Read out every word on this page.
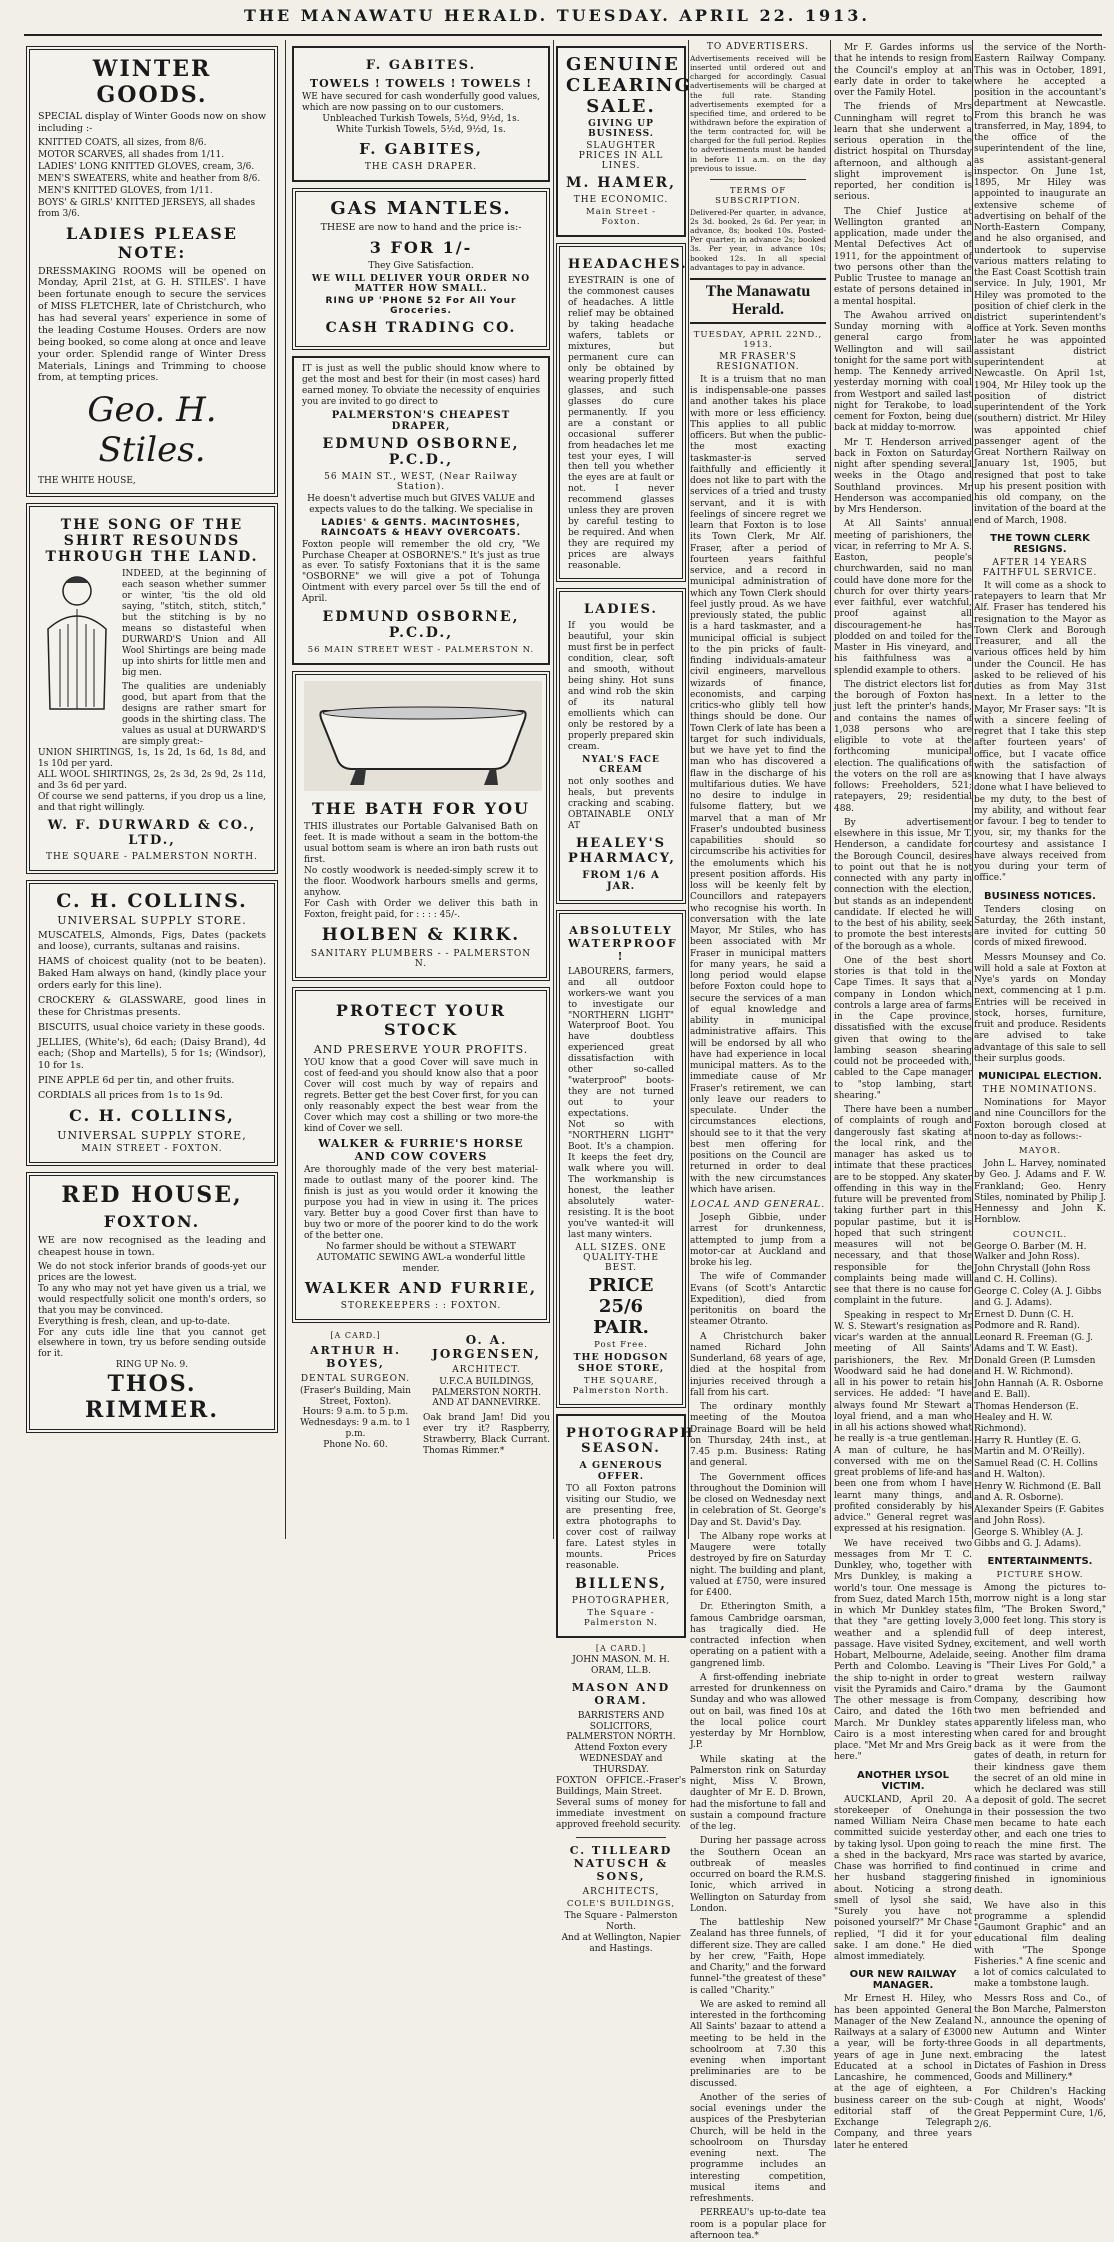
THE MANAWATU HERALD. TUESDAY. APRIL 22. 1913.
WINTER GOODS.
SPECIAL display of Winter Goods now on show including :-
KNITTED COATS, all sizes, from 8/6.
MOTOR SCARVES, all shades from 1/11.
LADIES' LONG KNITTED GLOVES, cream, 3/6.
MEN'S SWEATERS, white and heather from 8/6.
MEN'S KNITTED GLOVES, from 1/11.
BOYS' & GIRLS' KNITTED JERSEYS, all shades from 3/6.
LADIES PLEASE NOTE:
DRESSMAKING ROOMS will be opened on Monday, April 21st, at G. H. STILES'. I have been fortunate enough to secure the services of MISS FLETCHER, late of Christchurch, who has had several years' experience in some of the leading Costume Houses. Orders are now being booked, so come along at once and leave your order. Splendid range of Winter Dress Materials, Linings and Trimming to choose from, at tempting prices.
Geo. H. Stiles.
THE WHITE HOUSE,
THE SONG OF THE SHIRT RESOUNDS THROUGH THE LAND.
INDEED, at the beginning of each season whether summer or winter, 'tis the old old saying, "stitch, stitch, stitch," but the stitching is by no means so distasteful when DURWARD'S Union and All Wool Shirtings are being made up into shirts for little men and big men.
The qualities are undeniably good, but apart from that the designs are rather smart for goods in the shirting class. The values as usual at DURWARD'S are simply great:-
UNION SHIRTINGS, 1s, 1s 2d, 1s 6d, 1s 8d, and 1s 10d per yard.
ALL WOOL SHIRTINGS, 2s, 2s 3d, 2s 9d, 2s 11d, and 3s 6d per yard.
Of course we send patterns, if you drop us a line, and that right willingly.
W. F. DURWARD & CO., LTD.,
THE SQUARE - PALMERSTON NORTH.
C. H. COLLINS.
UNIVERSAL SUPPLY STORE.
MUSCATELS, Almonds, Figs, Dates (packets and loose), currants, sultanas and raisins.
HAMS of choicest quality (not to be beaten). Baked Ham always on hand, (kindly place your orders early for this line).
CROCKERY & GLASSWARE, good lines in these for Christmas presents.
BISCUITS, usual choice variety in these goods.
JELLIES, (White's), 6d each; (Daisy Brand), 4d each; (Shop and Martells), 5 for 1s; (Windsor), 10 for 1s.
PINE APPLE 6d per tin, and other fruits.
CORDIALS all prices from 1s to 1s 9d.
C. H. COLLINS,
UNIVERSAL SUPPLY STORE,
MAIN STREET - FOXTON.
RED HOUSE,
FOXTON.
WE are now recognised as the leading and cheapest house in town.
We do not stock inferior brands of goods-yet our prices are the lowest.
To any who may not yet have given us a trial, we would respectfully solicit one month's orders, so that you may be convinced.
Everything is fresh, clean, and up-to-date.
For any cuts idle line that you cannot get elsewhere in town, try us before sending outside for it.
RING UP No. 9.
THOS. RIMMER.
F. GABITES.
TOWELS ! TOWELS ! TOWELS !
WE have secured for cash wonderfully good values, which are now passing on to our customers.
Unbleached Turkish Towels, 5½d, 9½d, 1s.
White Turkish Towels, 5½d, 9½d, 1s.
F. GABITES,
THE CASH DRAPER.
GAS MANTLES.
THESE are now to hand and the price is:-
3 FOR 1/-
They Give Satisfaction.
WE WILL DELIVER YOUR ORDER NO MATTER HOW SMALL.
RING UP 'PHONE 52 For All Your Groceries.
CASH TRADING CO.
IT is just as well the public should know where to get the most and best for their (in most cases) hard earned money. To obviate the necessity of enquiries you are invited to go direct to
PALMERSTON'S CHEAPEST DRAPER,
EDMUND OSBORNE, P.C.D.,
56 MAIN ST., WEST, (Near Railway Station).
He doesn't advertise much but GIVES VALUE and expects values to do the talking. We specialise in
LADIES' & GENTS. MACINTOSHES, RAINCOATS & HEAVY OVERCOATS.
Foxton people will remember the old cry, "We Purchase Cheaper at OSBORNE'S." It's just as true as ever. To satisfy Foxtonians that it is the same "OSBORNE" we will give a pot of Tohunga Ointment with every parcel over 5s till the end of April.
EDMUND OSBORNE, P.C.D.,
56 MAIN STREET WEST - PALMERSTON N.
THE BATH FOR YOU
THIS illustrates our Portable Galvanised Bath on feet. It is made without a seam in the bottom-the usual bottom seam is where an iron bath rusts out first.
No costly woodwork is needed-simply screw it to the floor. Woodwork harbours smells and germs, anyhow.
For Cash with Order we deliver this bath in Foxton, freight paid, for : : : : 45/-.
HOLBEN & KIRK.
SANITARY PLUMBERS - - PALMERSTON N.
PROTECT YOUR STOCK
AND PRESERVE YOUR PROFITS.
YOU know that a good Cover will save much in cost of feed-and you should know also that a poor Cover will cost much by way of repairs and regrets. Better get the best Cover first, for you can only reasonably expect the best wear from the Cover which may cost a shilling or two more-the kind of Cover we sell.
WALKER & FURRIE'S HORSE AND COW COVERS
Are thoroughly made of the very best material-made to outlast many of the poorer kind. The finish is just as you would order it knowing the purpose you had in view in using it. The prices vary. Better buy a good Cover first than have to buy two or more of the poorer kind to do the work of the better one.
No farmer should be without a STEWART AUTOMATIC SEWING AWL-a wonderful little mender.
WALKER AND FURRIE,
STOREKEEPERS : : FOXTON.
[A CARD.]
ARTHUR H. BOYES,
DENTAL SURGEON.
(Fraser's Building, Main Street, Foxton).
Hours: 9 a.m. to 5 p.m. Wednesdays: 9 a.m. to 1 p.m.
Phone No. 60.
O. A. JORGENSEN,
ARCHITECT.
U.F.C.A BUILDINGS, PALMERSTON NORTH.
AND AT DANNEVIRKE.
Oak brand Jam! Did you ever try it? Raspberry, Strawberry, Black Currant. Thomas Rimmer.*
GENUINE CLEARING SALE.
GIVING UP BUSINESS.
SLAUGHTER PRICES IN ALL LINES.
M. HAMER,
THE ECONOMIC.
Main Street - Foxton.
HEADACHES.
EYESTRAIN is one of the commonest causes of headaches. A little relief may be obtained by taking headache wafers, tablets or mixtures, but permanent cure can only be obtained by wearing properly fitted glasses, and such glasses do cure permanently. If you are a constant or occasional sufferer from headaches let me test your eyes, I will then tell you whether the eyes are at fault or not. I never recommend glasses unless they are proven by careful testing to be required. And when they are required my prices are always reasonable.
LADIES.
If you would be beautiful, your skin must first be in perfect condition, clear, soft and smooth, without being shiny. Hot suns and wind rob the skin of its natural emollients which can only be restored by a properly prepared skin cream.
NYAL'S FACE CREAM
not only soothes and heals, but prevents cracking and scabing. OBTAINABLE ONLY AT
HEALEY'S PHARMACY,
FROM 1/6 A JAR.
ABSOLUTELY WATERPROOF !
LABOURERS, farmers, and all outdoor workers-we want you to investigate our "NORTHERN LIGHT" Waterproof Boot. You have doubtless experienced great dissatisfaction with other so-called "waterproof" boots-they are not turned out to your expectations.
Not so with "NORTHERN LIGHT" Boot. It's a champion. It keeps the feet dry, walk where you will. The workmanship is honest, the leather absolutely water-resisting. It is the boot you've wanted-it will last many winters.
ALL SIZES. ONE QUALITY-THE BEST.
PRICE 25/6 PAIR.
Post Free.
THE HODGSON SHOE STORE,
THE SQUARE, Palmerston North.
PHOTOGRAPH SEASON.
A GENEROUS OFFER.
TO all Foxton patrons visiting our Studio, we are presenting free, extra photographs to cover cost of railway fare. Latest styles in mounts. Prices reasonable.
BILLENS,
PHOTOGRAPHER,
The Square - Palmerston N.
[A CARD.]
JOHN MASON. M. H. ORAM, LL.B.
MASON AND ORAM.
BARRISTERS AND SOLICITORS, PALMERSTON NORTH.
Attend Foxton every WEDNESDAY and THURSDAY.
FOXTON OFFICE.-Fraser's Buildings, Main Street.
Several sums of money for immediate investment on approved freehold security.
C. TILLEARD NATUSCH & SONS,
ARCHITECTS,
COLE'S BUILDINGS,
The Square - Palmerston North.
And at Wellington, Napier and Hastings.
TO ADVERTISERS.
Advertisements received will be inserted until ordered out and charged for accordingly. Casual advertisements will be charged at the full rate. Standing advertisements exempted for a specified time, and ordered to be withdrawn before the expiration of the term contracted for, will be charged for the full period. Replies to advertisements must be handed in before 11 a.m. on the day previous to issue.
TERMS OF SUBSCRIPTION.
Delivered-Per quarter, in advance, 2s 3d. booked, 2s 6d. Per year, in advance, 8s; booked 10s. Posted-Per quarter, in advance 2s; booked 3s. Per year, in advance 10s; booked 12s. In all special advantages to pay in advance.
The Manawatu Herald.
TUESDAY, APRIL 22ND., 1913.
MR FRASER'S RESIGNATION.
It is a truism that no man is indispensable-one passes and another takes his place with more or less efficiency. This applies to all public officers. But when the public-the most exacting taskmaster-is served faithfully and efficiently it does not like to part with the services of a tried and trusty servant, and it is with feelings of sincere regret we learn that Foxton is to lose its Town Clerk, Mr Alf. Fraser, after a period of fourteen years faithful service, and a record in municipal administration of which any Town Clerk should feel justly proud. As we have previously stated, the public is a hard taskmaster, and a municipal official is subject to the pin pricks of fault-finding individuals-amateur civil engineers, marvellous wizards of finance, economists, and carping critics-who glibly tell how things should be done. Our Town Clerk of late has been a target for such individuals, but we have yet to find the man who has discovered a flaw in the discharge of his multifarious duties. We have no desire to indulge in fulsome flattery, but we marvel that a man of Mr Fraser's undoubted business capabilities should so circumscribe his activities for the emoluments which his present position affords. His loss will be keenly felt by Councillors and ratepayers who recognise his worth. In conversation with the late Mayor, Mr Stiles, who has been associated with Mr Fraser in municipal matters for many years, he said a long period would elapse before Foxton could hope to secure the services of a man of equal knowledge and ability in municipal administrative affairs. This will be endorsed by all who have had experience in local municipal matters. As to the immediate cause of Mr Fraser's retirement, we can only leave our readers to speculate. Under the circumstances elections, should see to it that the very best men offering for positions on the Council are returned in order to deal with the new circumstances which have arisen.
LOCAL AND GENERAL.
Joseph Gibbie, under arrest for drunkenness, attempted to jump from a motor-car at Auckland and broke his leg.
The wife of Commander Evans (of Scott's Antarctic Expedition), died from peritonitis on board the steamer Otranto.
A Christchurch baker named Richard John Sunderland, 68 years of age, died at the hospital from injuries received through a fall from his cart.
The ordinary monthly meeting of the Moutoa Drainage Board will be held on Thursday, 24th inst., at 7.45 p.m. Business: Rating and general.
The Government offices throughout the Dominion will be closed on Wednesday next in celebration of St. George's Day and St. David's Day.
The Albany rope works at Maugere were totally destroyed by fire on Saturday night. The building and plant, valued at £750, were insured for £400.
Dr. Etherington Smith, a famous Cambridge oarsman, has tragically died. He contracted infection when operating on a patient with a gangrened limb.
A first-offending inebriate arrested for drunkenness on Sunday and who was allowed out on bail, was fined 10s at the local police court yesterday by Mr Hornblow, J.P.
While skating at the Palmerston rink on Saturday night, Miss V. Brown, daughter of Mr E. D. Brown, had the misfortune to fall and sustain a compound fracture of the leg.
During her passage across the Southern Ocean an outbreak of measles occurred on board the R.M.S. Ionic, which arrived in Wellington on Saturday from London.
The battleship New Zealand has three funnels, of different size. They are called by her crew, "Faith, Hope and Charity," and the forward funnel-"the greatest of these" is called "Charity."
We are asked to remind all interested in the forthcoming All Saints' bazaar to attend a meeting to be held in the schoolroom at 7.30 this evening when important preliminaries are to be discussed.
Another of the series of social evenings under the auspices of the Presbyterian Church, will be held in the schoolroom on Thursday evening next. The programme includes an interesting competition, musical items and refreshments.
PERREAU's up-to-date tea room is a popular place for afternoon tea.*
Mr F. Gardes informs us that he intends to resign from the Council's employ at an early date in order to take over the Family Hotel.
The friends of Mrs Cunningham will regret to learn that she underwent a serious operation in the district hospital on Thursday afternoon, and although a slight improvement is reported, her condition is serious.
The Chief Justice at Wellington granted an application, made under the Mental Defectives Act of 1911, for the appointment of two persons other than the Public Trustee to manage an estate of persons detained in a mental hospital.
The Awahou arrived on Sunday morning with a general cargo from Wellington and will sail tonight for the same port with hemp. The Kennedy arrived yesterday morning with coal from Westport and sailed last night for Terakobe, to load cement for Foxton, being due back at midday to-morrow.
Mr T. Henderson arrived back in Foxton on Saturday night after spending several weeks in the Otago and Southland provinces. Mr Henderson was accompanied by Mrs Henderson.
At All Saints' annual meeting of parishioners, the vicar, in referring to Mr A. S. Easton, people's churchwarden, said no man could have done more for the church for over thirty years-ever faithful, ever watchful, proof against all discouragement-he has plodded on and toiled for the Master in His vineyard, and his faithfulness was a splendid example to others.
The district electors list for the borough of Foxton has just left the printer's hands, and contains the names of 1,038 persons who are eligible to vote at the forthcoming municipal election. The qualifications of the voters on the roll are as follows: Freeholders, 521; ratepayers, 29; residential 488.
By advertisement elsewhere in this issue, Mr T. Henderson, a candidate for the Borough Council, desires to point out that he is not connected with any party in connection with the election, but stands as an independent candidate. If elected he will to the best of his ability, seek to promote the best interests of the borough as a whole.
One of the best short stories is that told in the Cape Times. It says that a company in London which controls a large area of farms in the Cape province, dissatisfied with the excuse given that owing to the lambing season shearing could not be proceeded with, cabled to the Cape manager to "stop lambing, start shearing."
There have been a number of complaints of rough and dangerously fast skating at the local rink, and the manager has asked us to intimate that these practices are to be stopped. Any skater offending in this way in the future will be prevented from taking further part in this popular pastime, but it is hoped that such stringent measures will not be necessary, and that those responsible for the complaints being made will see that there is no cause for complaint in the future.
Speaking in respect to Mr W. S. Stewart's resignation as vicar's warden at the annual meeting of All Saints' parishioners, the Rev. Mr Woodward said he had done all in his power to retain his services. He added: "I have always found Mr Stewart a loyal friend, and a man who in all his actions showed what he really is -a true gentleman. A man of culture, he has conversed with me on the great problems of life-and has been one from whom I have learnt many things, and profited considerably by his advice." General regret was expressed at his resignation.
We have received two messages from Mr T. C. Dunkley, who, together with Mrs Dunkley, is making a world's tour. One message is from Suez, dated March 15th, in which Mr Dunkley states that they "are getting lovely weather and a splendid passage. Have visited Sydney, Hobart, Melbourne, Adelaide, Perth and Colombo. Leaving the ship to-night in order to visit the Pyramids and Cairo." The other message is from Cairo, and dated the 16th March. Mr Dunkley states Cairo is a most interesting place. "Met Mr and Mrs Greig here."
ANOTHER LYSOL VICTIM.
AUCKLAND, April 20. A storekeeper of Onehunga named William Neira Chase committed suicide yesterday by taking lysol. Upon going to a shed in the backyard, Mrs Chase was horrified to find her husband staggering about. Noticing a strong smell of lysol she said, "Surely you have not poisoned yourself?" Mr Chase replied, "I did it for your sake. I am done." He died almost immediately.
OUR NEW RAILWAY MANAGER.
Mr Ernest H. Hiley, who has been appointed General Manager of the New Zealand Railways at a salary of £3000 a year, will be forty-three years of age in June next. Educated at a school in Lancashire, he commenced, at the age of eighteen, a business career on the sub-editorial staff of the Exchange Telegraph Company, and three years later he entered
the service of the North-Eastern Railway Company. This was in October, 1891, where he accepted a position in the accountant's department at Newcastle. From this branch he was transferred, in May, 1894, to the office of the superintendent of the line, as assistant-general inspector. On June 1st, 1895, Mr Hiley was appointed to inaugurate an extensive scheme of advertising on behalf of the North-Eastern Company, and he also organised, and undertook to supervise various matters relating to the East Coast Scottish train service. In July, 1901, Mr Hiley was promoted to the position of chief clerk in the district superintendent's office at York. Seven months later he was appointed assistant district superintendent at Newcastle. On April 1st, 1904, Mr Hiley took up the position of district superintendent of the York (southern) district. Mr Hiley was appointed chief passenger agent of the Great Northern Railway on January 1st, 1905, but resigned that post to take up his present position with his old company, on the invitation of the board at the end of March, 1908.
THE TOWN CLERK RESIGNS.
AFTER 14 YEARS FAITHFUL SERVICE.
It will come as a shock to ratepayers to learn that Mr Alf. Fraser has tendered his resignation to the Mayor as Town Clerk and Borough Treasurer, and all the various offices held by him under the Council. He has asked to be relieved of his duties as from May 31st next. In a letter to the Mayor, Mr Fraser says: "It is with a sincere feeling of regret that I take this step after fourteen years' of office, but I vacate office with the satisfaction of knowing that I have always done what I have believed to be my duty, to the best of my ability, and without fear or favour. I beg to tender to you, sir, my thanks for the courtesy and assistance I have always received from you during your term of office."
BUSINESS NOTICES.
Tenders closing on Saturday, the 26th instant, are invited for cutting 50 cords of mixed firewood.
Messrs Mounsey and Co. will hold a sale at Foxton at Nye's yards on Monday next, commencing at 1 p.m. Entries will be received in stock, horses, furniture, fruit and produce. Residents are advised to take advantage of this sale to sell their surplus goods.
MUNICIPAL ELECTION.
THE NOMINATIONS.
Nominations for Mayor and nine Councillors for the Foxton borough closed at noon to-day as follows:-
MAYOR.
John L. Harvey, nominated by Geo. J. Adams and F. W. Frankland; Geo. Henry Stiles, nominated by Philip J. Hennessy and John K. Hornblow.
COUNCIL.
George O. Barber (M. H. Walker and John Ross).
John Chrystall (John Ross and C. H. Collins).
George C. Coley (A. J. Gibbs and G. J. Adams).
Ernest D. Dunn (C. H. Podmore and R. Rand).
Leonard R. Freeman (G. J. Adams and T. W. East).
Donald Green (P. Lumsden and H. W. Richmond).
John Hannah (A. R. Osborne and E. Ball).
Thomas Henderson (E. Healey and H. W. Richmond).
Harry R. Huntley (E. G. Martin and M. O'Reilly).
Samuel Read (C. H. Collins and H. Walton).
Henry W. Richmond (E. Ball and A. R. Osborne).
Alexander Speirs (F. Gabites and John Ross).
George S. Whibley (A. J. Gibbs and G. J. Adams).
ENTERTAINMENTS.
PICTURE SHOW.
Among the pictures to-morrow night is a long star film, "The Broken Sword," 3,000 feet long. This story is full of deep interest, excitement, and well worth seeing. Another film drama is "Their Lives For Gold," a great western railway drama by the Gaumont Company, describing how two men befriended and apparently lifeless man, who when cared for and brought back as it were from the gates of death, in return for their kindness gave them the secret of an old mine in which he declared was still a deposit of gold. The secret in their possession the two men became to hate each other, and each one tries to reach the mine first. The race was started by avarice, continued in crime and finished in ignominious death.
We have also in this programme a splendid "Gaumont Graphic" and an educational film dealing with "The Sponge Fisheries." A fine scenic and a lot of comics calculated to make a tombstone laugh.
Messrs Ross and Co., of the Bon Marche, Palmerston N., announce the opening of new Autumn and Winter Goods in all departments, embracing the latest Dictates of Fashion in Dress Goods and Millinery.*
For Children's Hacking Cough at night, Woods' Great Peppermint Cure, 1/6, 2/6.
